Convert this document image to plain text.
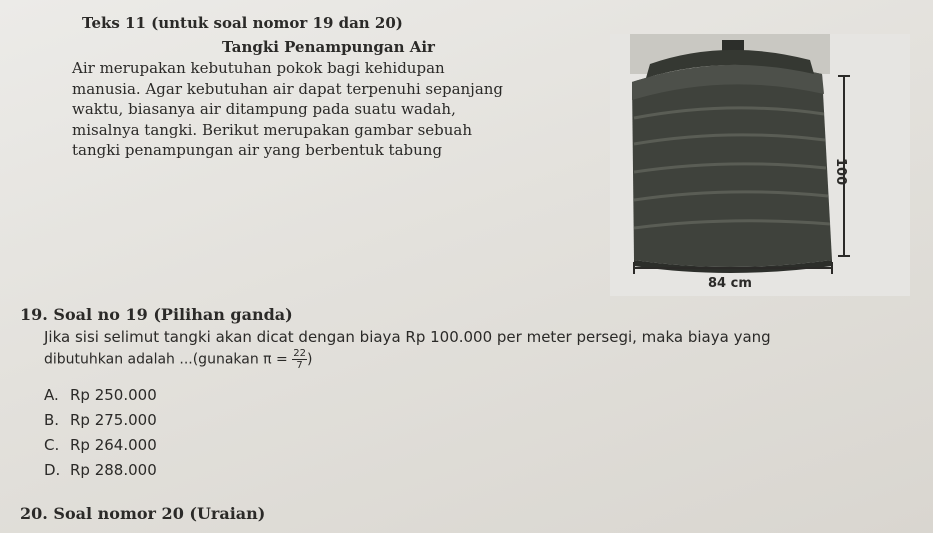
Teks 11 (untuk soal nomor 19 dan 20)
Tangki Penampungan Air

Air merupakan kebutuhan pokok bagi kehidupan

manusia. Agar kebutuhan air dapat terpenuhi sepanjang

waktu, biasanya air ditampung pada suatu wadah,

misalnya tangki. Berikut merupakan gambar sebuah

tangki penampungan air yang berbentuk tabung

100
84 cm
19. Soal no 19 (Pilihan ganda)
Jika sisi selimut tangki akan dicat dengan biaya Rp 100.000 per meter persegi, maka biaya yang
dibutuhkan adalah ...(gunakan $\pi = \frac{22}{7}$ )
A. Rp 250.000
B. Rp 275.000
C. Rp 264.000
D. Rp 288.000
20. Soal nomor 20 (Uraian)
